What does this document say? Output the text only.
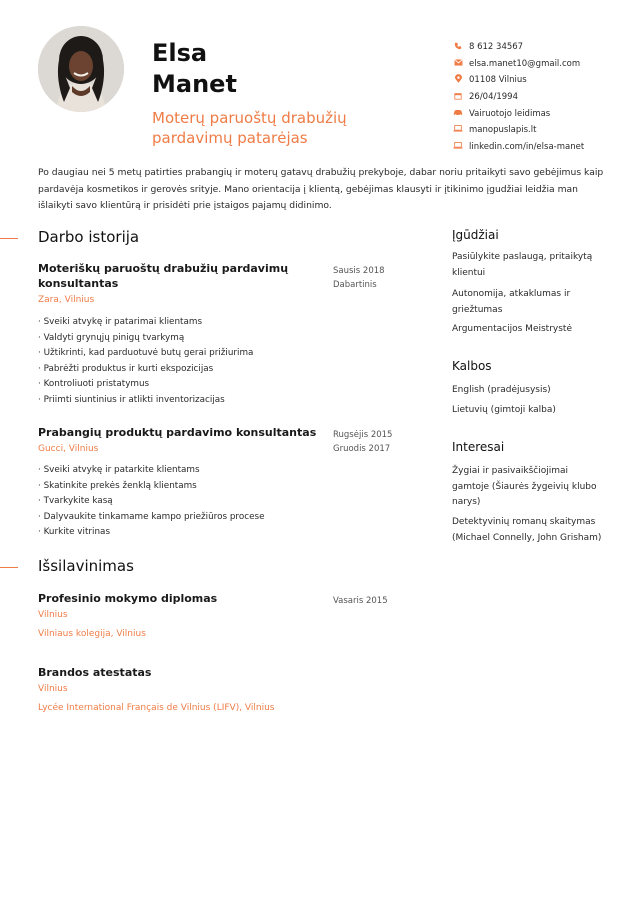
Elsa
Manet
Moterų paruoštų drabužių pardavimų patarėjas
8 612 34567
elsa.manet10@gmail.com
01108 Vilnius
26/04/1994
Vairuotojo leidimas
manopuslapis.lt
linkedin.com/in/elsa-manet
Po daugiau nei 5 metų patirties prabangių ir moterų gatavų drabužių prekyboje, dabar noriu pritaikyti savo gebėjimus kaip pardavėja kosmetikos ir gerovės srityje. Mano orientacija į klientą, gebėjimas klausyti ir įtikinimo įgudžiai leidžia man išlaikyti savo klientūrą ir prisidėti prie įstaigos pajamų didinimo.
Darbo istorija
Moteriškų paruoštų drabužių pardavimų konsultantas
Sausis 2018
Dabartinis
Zara, Vilnius
· Sveiki atvykę ir patarimai klientams
· Valdyti grynųjų pinigų tvarkymą
· Užtikrinti, kad parduotuvė butų gerai prižiurima
· Pabrėžti produktus ir kurti ekspozicijas
· Kontroliuoti pristatymus
· Priimti siuntinius ir atlikti inventorizacijas
Prabangių produktų pardavimo konsultantas	Rugsėjis 2015
Gruodis 2017
Gucci, Vilnius
· Sveiki atvykę ir patarkite klientams
· Skatinkite prekės ženklą klientams
· Tvarkykite kasą
· Dalyvaukite tinkamame kampo priežiūros procese
· Kurkite vitrinas
Išsilavinimas
Profesinio mokymo diplomas	Vasaris 2015
Vilnius
Vilniaus kolegija, Vilnius
Brandos atestatas
Vilnius
Lycée International Français de Vilnius (LIFV), Vilnius
Įgūdžiai
Pasiūlykite paslaugą, pritaikytą klientui
Autonomija, atkaklumas ir griežtumas
Argumentacijos Meistrystė
Kalbos
English (pradėjusysis)
Lietuvių (gimtoji kalba)
Interesai
Žygiai ir pasivaikščiojimai gamtoje (Šiaurės žygeivių klubo narys)
Detektyvinių romanų skaitymas (Michael Connelly, John Grisham)
